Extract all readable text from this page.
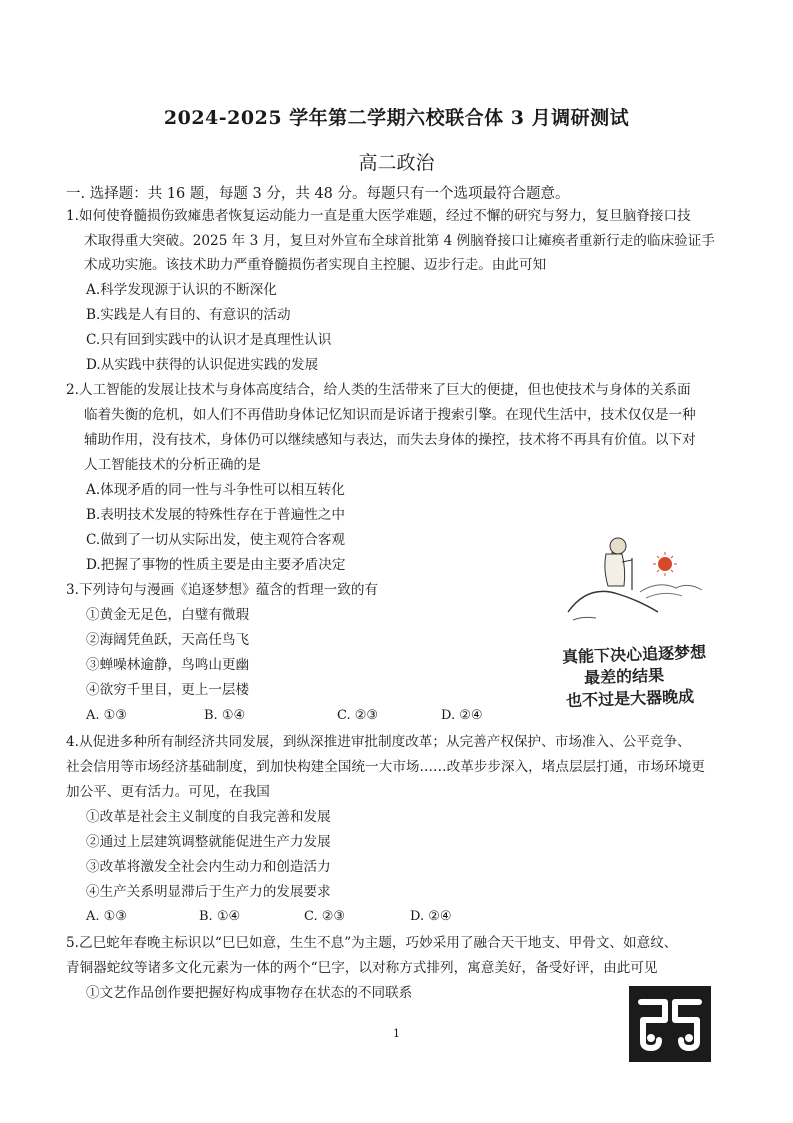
2024-2025 学年第二学期六校联合体 3 月调研测试
高二政治
一. 选择题：共 16 题，每题 3 分，共 48 分。每题只有一个选项最符合题意。
1.如何使脊髓损伤致瘫患者恢复运动能力一直是重大医学难题，经过不懈的研究与努力，复旦脑脊接口技
术取得重大突破。2025 年 3 月，复旦对外宣布全球首批第 4 例脑脊接口让瘫痪者重新行走的临床验证手
术成功实施。该技术助力严重脊髓损伤者实现自主控腿、迈步行走。由此可知
A.科学发现源于认识的不断深化
B.实践是人有目的、有意识的活动
C.只有回到实践中的认识才是真理性认识
D.从实践中获得的认识促进实践的发展
2.人工智能的发展让技术与身体高度结合，给人类的生活带来了巨大的便捷，但也使技术与身体的关系面
临着失衡的危机，如人们不再借助身体记忆知识而是诉诸于搜索引擎。在现代生活中，技术仅仅是一种
辅助作用，没有技术，身体仍可以继续感知与表达，而失去身体的操控，技术将不再具有价值。以下对
人工智能技术的分析正确的是
A.体现矛盾的同一性与斗争性可以相互转化
B.表明技术发展的特殊性存在于普遍性之中
C.做到了一切从实际出发，使主观符合客观
D.把握了事物的性质主要是由主要矛盾决定
3.下列诗句与漫画《追逐梦想》蕴含的哲理一致的有
①黄金无足色，白璧有微瑕
②海阔凭鱼跃，天高任鸟飞
③蝉噪林逾静，鸟鸣山更幽
④欲穷千里目，更上一层楼
A. ①③	B. ①④	C. ②③	D. ②④
真能下决心追逐梦想
最差的结果
也不过是大器晚成
4.从促进多种所有制经济共同发展，到纵深推进审批制度改革；从完善产权保护、市场准入、公平竞争、
社会信用等市场经济基础制度，到加快构建全国统一大市场……改革步步深入，堵点层层打通，市场环境更
加公平、更有活力。可见，在我国
①改革是社会主义制度的自我完善和发展
②通过上层建筑调整就能促进生产力发展
③改革将激发全社会内生动力和创造活力
④生产关系明显滞后于生产力的发展要求
A. ①③	B. ①④	C. ②③	D. ②④
5.乙巳蛇年春晚主标识以“巳巳如意，生生不息”为主题，巧妙采用了融合天干地支、甲骨文、如意纹、
青铜器蛇纹等诸多文化元素为一体的两个“巳字，以对称方式排列，寓意美好，备受好评，由此可见
①文艺作品创作要把握好构成事物存在状态的不同联系
1
